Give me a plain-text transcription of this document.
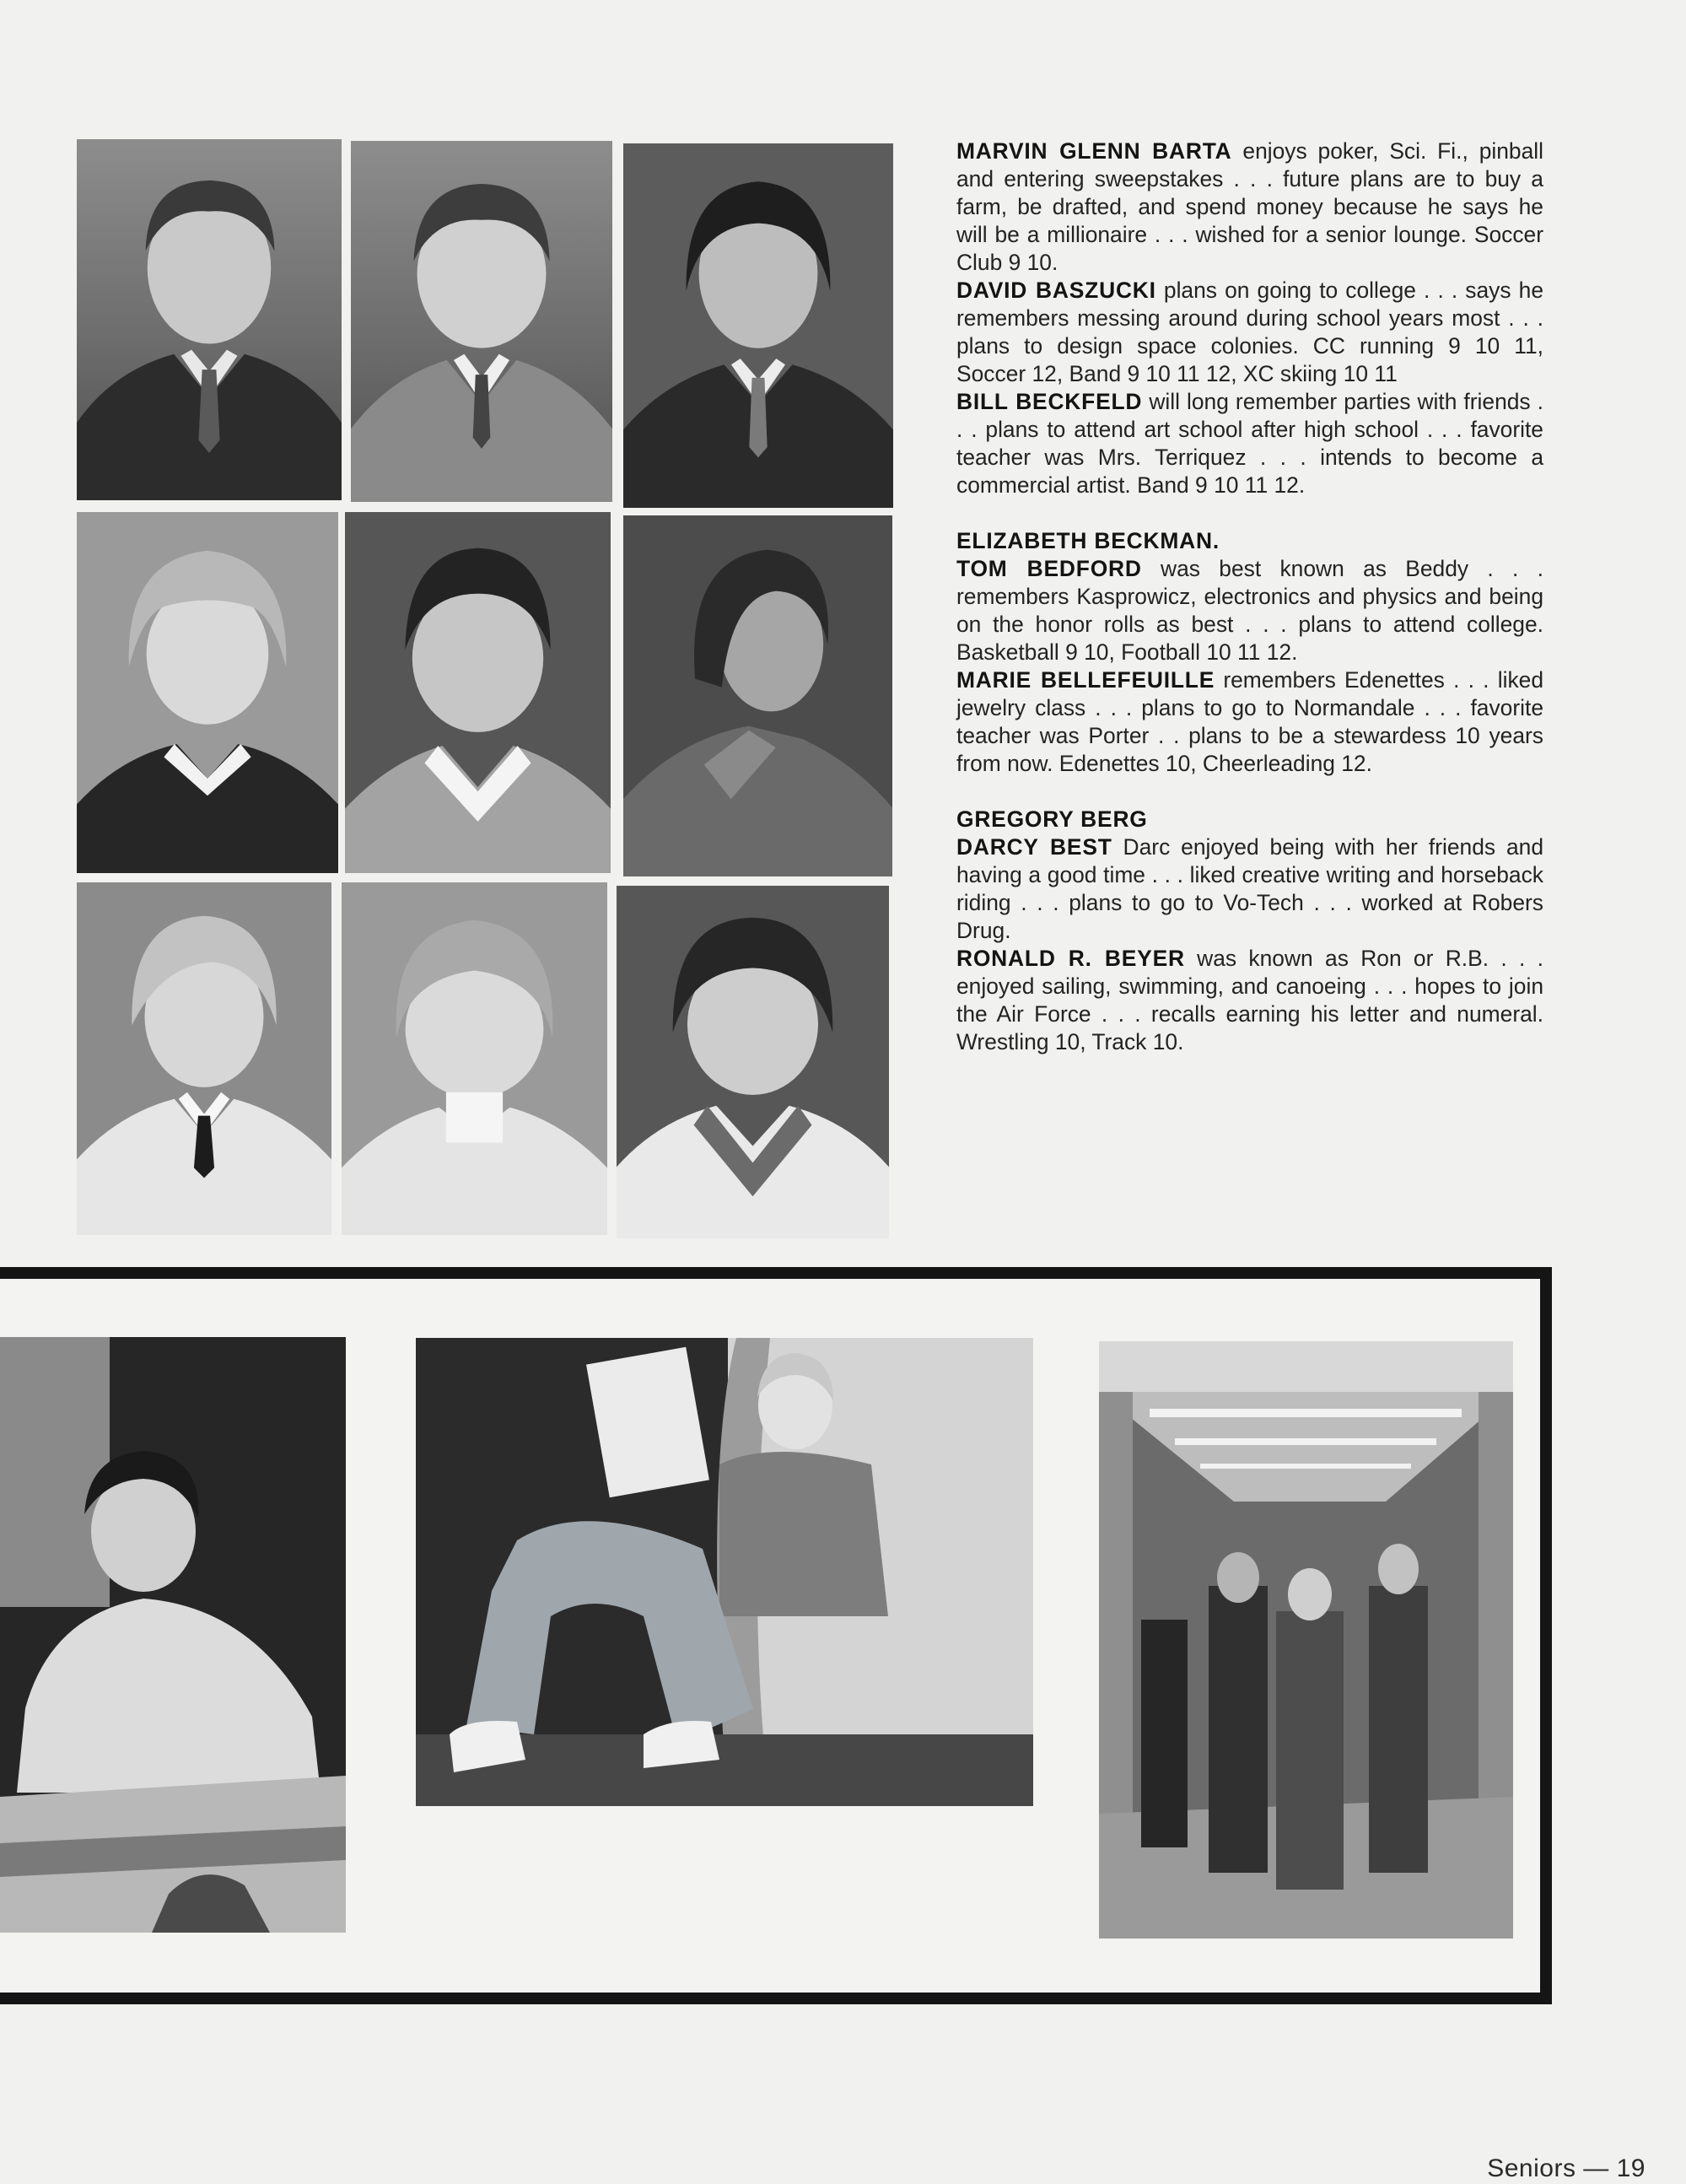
MARVIN GLENN BARTA enjoys poker, Sci. Fi., pinball and entering sweepstakes . . . future plans are to buy a farm, be drafted, and spend money because he says he will be a millionaire . . . wished for a senior lounge. Soccer Club 9 10.

DAVID BASZUCKI plans on going to college . . . says he remembers messing around during school years most . . . plans to design space colonies. CC running 9 10 11, Soccer 12, Band 9 10 11 12, XC skiing 10 11

BILL BECKFELD will long remember parties with friends . . . plans to attend art school after high school . . . favorite teacher was Mrs. Terriquez . . . intends to become a commercial artist. Band 9 10 11 12.

ELIZABETH BECKMAN.

TOM BEDFORD was best known as Beddy . . . remembers Kasprowicz, electronics and physics and being on the honor rolls as best . . . plans to attend college. Basketball 9 10, Football 10 11 12.

MARIE BELLEFEUILLE remembers Edenettes . . . liked jewelry class . . . plans to go to Normandale . . . favorite teacher was Porter . . plans to be a stewardess 10 years from now. Edenettes 10, Cheerleading 12.

GREGORY BERG

DARCY BEST Darc enjoyed being with her friends and having a good time . . . liked creative writing and horseback riding . . . plans to go to Vo-Tech . . . worked at Robers Drug.

RONALD R. BEYER was known as Ron or R.B. . . . enjoyed sailing, swimming, and canoeing . . . hopes to join the Air Force . . . recalls earning his letter and numeral. Wrestling 10, Track 10.

Seniors — 19
